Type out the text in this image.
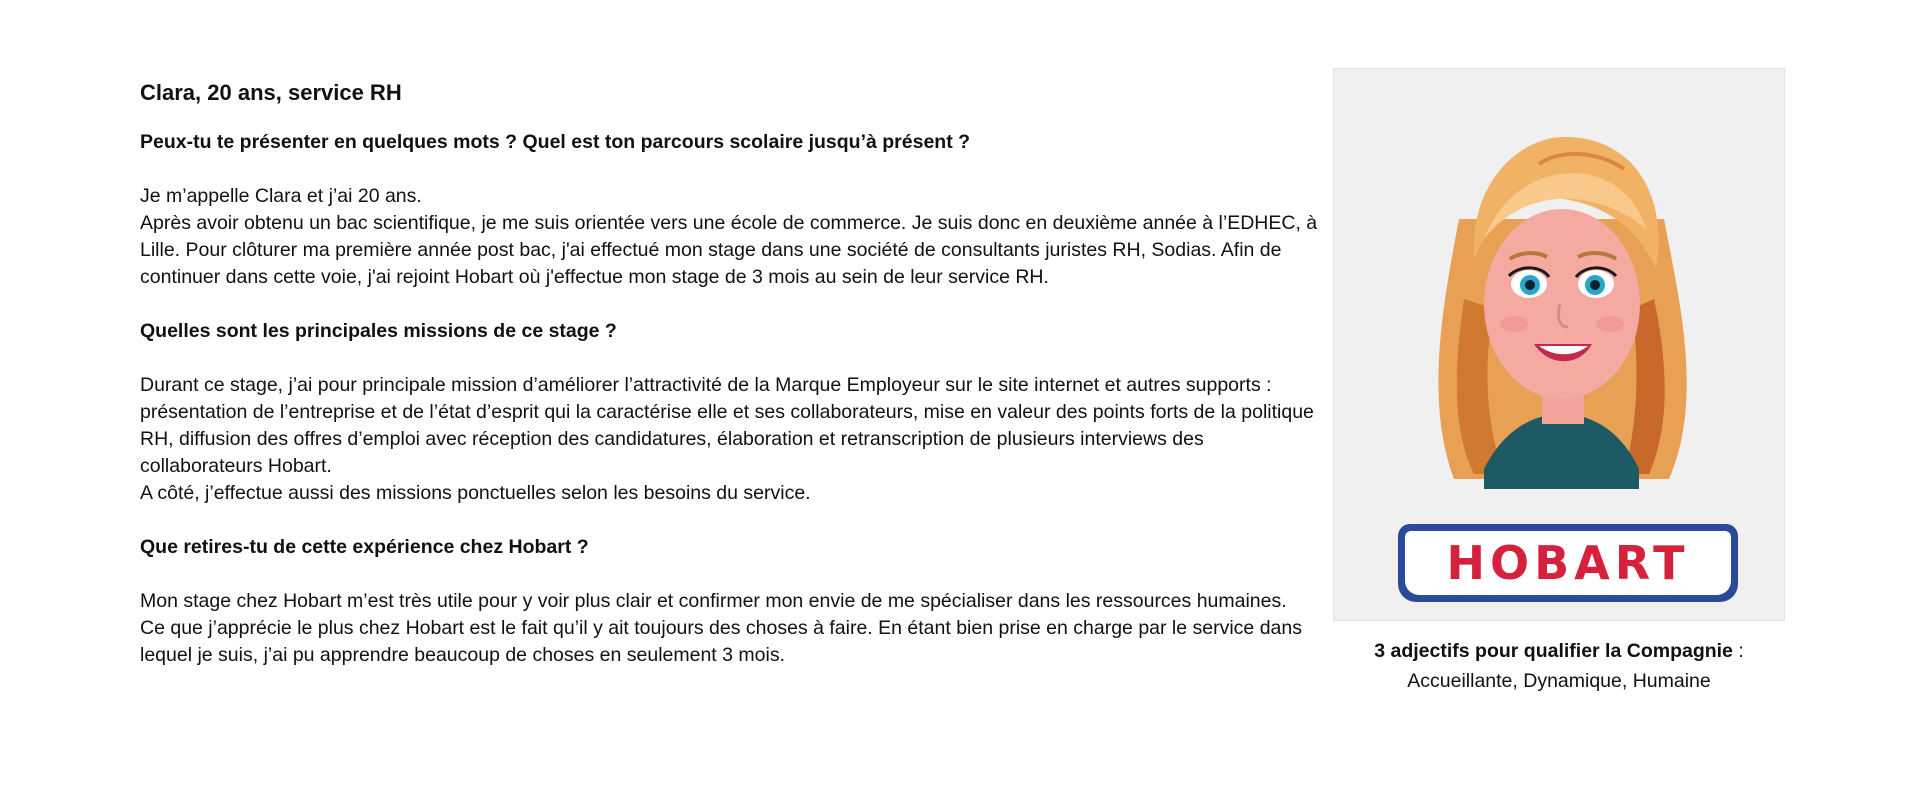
Clara, 20 ans, service RH
Peux-tu te présenter en quelques mots ? Quel est ton parcours scolaire jusqu’à présent ?

Je m’appelle Clara et j’ai 20 ans.

Après avoir obtenu un bac scientifique, je me suis orientée vers une école de commerce. Je suis donc en deuxième année à l’EDHEC, à Lille. Pour clôturer ma première année post bac, j'ai effectué mon stage dans une société de consultants juristes RH, Sodias. Afin de continuer dans cette voie, j'ai rejoint Hobart où j'effectue mon stage de 3 mois au sein de leur service RH.

Quelles sont les principales missions de ce stage ?

Durant ce stage, j’ai pour principale mission d’améliorer l’attractivité de la Marque Employeur sur le site internet et autres supports : présentation de l’entreprise et de l’état d’esprit qui la caractérise elle et ses collaborateurs, mise en valeur des points forts de la politique RH, diffusion des offres d’emploi avec réception des candidatures, élaboration et retranscription de plusieurs interviews des collaborateurs Hobart.

A côté, j’effectue aussi des missions ponctuelles selon les besoins du service.

Que retires-tu de cette expérience chez Hobart ?

Mon stage chez Hobart m’est très utile pour y voir plus clair et confirmer mon envie de me spécialiser dans les ressources humaines.

Ce que j’apprécie le plus chez Hobart est le fait qu’il y ait toujours des choses à faire. En étant bien prise en charge par le service dans lequel je suis, j’ai pu apprendre beaucoup de choses en seulement 3 mois.

HOBART
3 adjectifs pour qualifier la Compagnie :
Accueillante, Dynamique, Humaine
